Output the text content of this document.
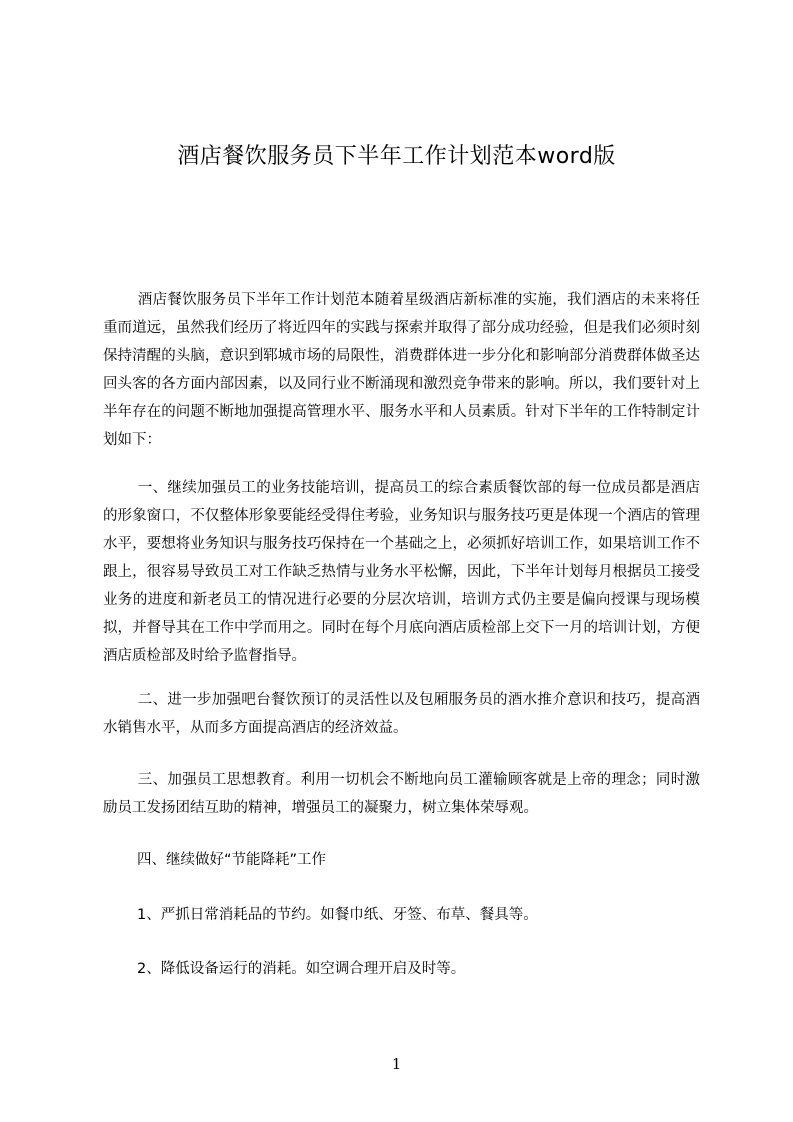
酒店餐饮服务员下半年工作计划范本word版

酒店餐饮服务员下半年工作计划范本随着星级酒店新标准的实施，我们酒店的未来将任重而道远，虽然我们经历了将近四年的实践与探索并取得了部分成功经验，但是我们必须时刻保持清醒的头脑，意识到郓城市场的局限性，消费群体进一步分化和影响部分消费群体做圣达回头客的各方面内部因素，以及同行业不断涌现和激烈竞争带来的影响。所以，我们要针对上半年存在的问题不断地加强提高管理水平、服务水平和人员素质。针对下半年的工作特制定计划如下：

一、继续加强员工的业务技能培训，提高员工的综合素质餐饮部的每一位成员都是酒店的形象窗口，不仅整体形象要能经受得住考验，业务知识与服务技巧更是体现一个酒店的管理水平，要想将业务知识与服务技巧保持在一个基础之上，必须抓好培训工作，如果培训工作不跟上，很容易导致员工对工作缺乏热情与业务水平松懈，因此，下半年计划每月根据员工接受业务的进度和新老员工的情况进行必要的分层次培训，培训方式仍主要是偏向授课与现场模拟，并督导其在工作中学而用之。同时在每个月底向酒店质检部上交下一月的培训计划，方便酒店质检部及时给予监督指导。

二、进一步加强吧台餐饮预订的灵活性以及包厢服务员的酒水推介意识和技巧，提高酒水销售水平，从而多方面提高酒店的经济效益。

三、加强员工思想教育。利用一切机会不断地向员工灌输顾客就是上帝的理念；同时激励员工发扬团结互助的精神，增强员工的凝聚力，树立集体荣辱观。

四、继续做好“节能降耗”工作

1、严抓日常消耗品的节约。如餐巾纸、牙签、布草、餐具等。

2、降低设备运行的消耗。如空调合理开启及时等。

1
